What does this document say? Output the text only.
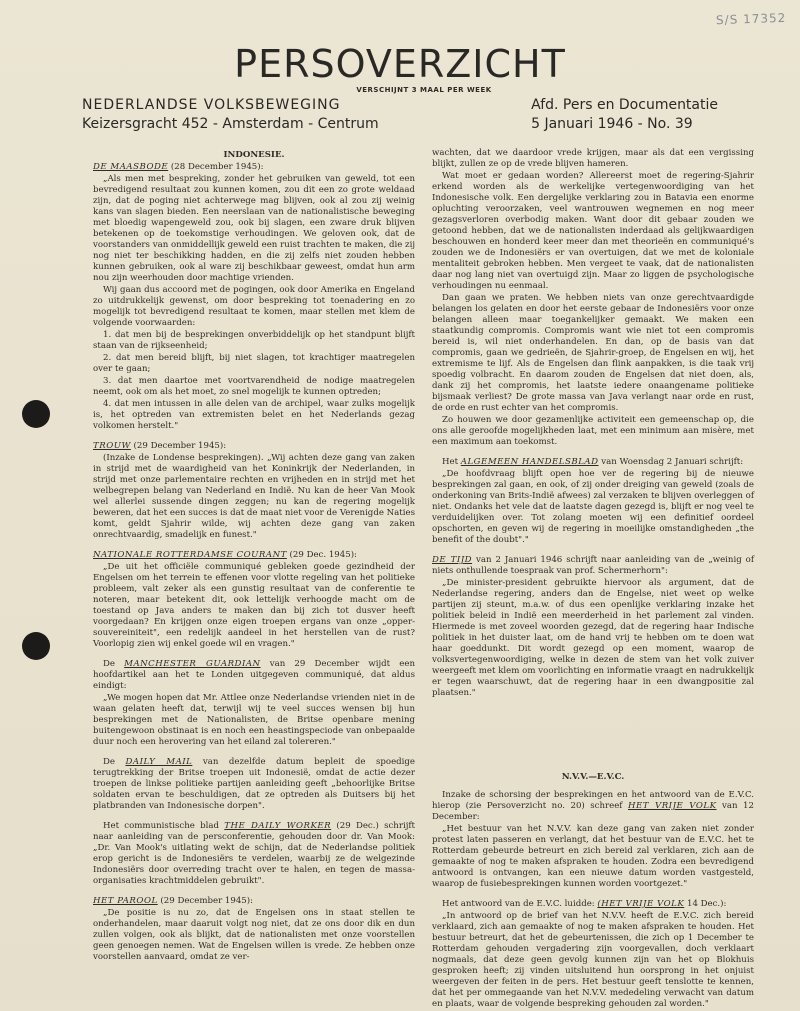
S/S 17352
PERSOVERZICHT
VERSCHIJNT 3 MAAL PER WEEK
NEDERLANDSE VOLKSBEWEGING
Keizersgracht 452 - Amsterdam - Centrum
Afd. Pers en Documentatie
5 Januari 1946 - No. 39

INDONESIE.

DE MAASBODE (28 December 1945):

„Als men met bespreking, zonder het gebruiken van geweld, tot een bevredigend resultaat zou kunnen komen, zou dit een zo grote weldaad zijn, dat de poging niet achterwege mag blijven, ook al zou zij weinig kans van slagen bieden. Een neerslaan van de nationalistische beweging met bloedig wapengeweld zou, ook bij slagen, een zware druk blijven betekenen op de toekomstige verhoudingen. We geloven ook, dat de voorstanders van onmiddellijk geweld een ruist trachten te maken, die zij nog niet ter beschikking hadden, en die zij zelfs niet zouden hebben kunnen gebruiken, ook al ware zij beschikbaar geweest, omdat hun arm nou zijn weerhouden door machtige vrienden.

Wij gaan dus accoord met de pogingen, ook door Amerika en Engeland zo uitdrukkelijk gewenst, om door bespreking tot toenadering en zo mogelijk tot bevredigend resultaat te komen, maar stellen met klem de volgende voorwaarden:

1. dat men bij de besprekingen onverbiddelijk op het standpunt blijft staan van de rijkseenheid;

2. dat men bereid blijft, bij niet slagen, tot krachtiger maatregelen over te gaan;

3. dat men daartoe met voortvarendheid de nodige maatregelen neemt, ook om als het moet, zo snel mogelijk te kunnen optreden;

4. dat men intussen in alle delen van de archipel, waar zulks mogelijk is, het optreden van extremisten belet en het Nederlands gezag volkomen herstelt."

TROUW (29 December 1945):

(Inzake de Londense besprekingen). „Wij achten deze gang van zaken in strijd met de waardigheid van het Koninkrijk der Nederlanden, in strijd met onze parlementaire rechten en vrijheden en in strijd met het welbegrepen belang van Nederland en Indië. Nu kan de heer Van Mook wel allerlei sussende dingen zeggen; nu kan de regering mogelijk beweren, dat het een succes is dat de maat niet voor de Verenigde Naties komt, geldt Sjahrir wilde, wij achten deze gang van zaken onrechtvaardig, smadelijk en funest."

NATIONALE ROTTERDAMSE COURANT (29 Dec. 1945):

„De uit het officiële communiqué gebleken goede gezindheid der Engelsen om het terrein te effenen voor vlotte regeling van het politieke probleem, valt zeker als een gunstig resultaat van de conferentie te noteren, maar betekent dit, ook lettelijk verhoogde macht om de toestand op Java anders te maken dan bij zich tot dusver heeft voorgedaan? En krijgen onze eigen troepen ergans van onze „opper-souvereiniteit", een redelijk aandeel in het herstellen van de rust? Voorlopig zien wij enkel goede wil en vragen."

De MANCHESTER GUARDIAN van 29 December wijdt een hoofdartikel aan het te Londen uitgegeven communiqué, dat aldus eindigt:

„We mogen hopen dat Mr. Attlee onze Nederlandse vrienden niet in de waan gelaten heeft dat, terwijl wij te veel succes wensen bij hun besprekingen met de Nationalisten, de Britse openbare mening buitengewoon obstinaat is en noch een heastingspeciode van onbepaalde duur noch een herovering van het eiland zal tolereren."

De DAILY MAIL van dezelfde datum bepleit de spoedige terugtrekking der Britse troepen uit Indonesië, omdat de actie dezer troepen de linkse politieke partijen aanleiding geeft „behoorlijke Britse soldaten ervan te beschuldigen, dat ze optreden als Duitsers bij het platbranden van Indonesische dorpen".

Het communistische blad THE DAILY WORKER (29 Dec.) schrijft naar aanleiding van de persconferentie, gehouden door dr. Van Mook: „Dr. Van Mook's uitlating wekt de schijn, dat de Nederlandse politiek erop gericht is de Indonesiërs te verdelen, waarbij ze de welgezinde Indonesiërs door overreding tracht over te halen, en tegen de massa-organisaties krachtmiddelen gebruikt".

HET PAROOL (29 December 1945):

„De positie is nu zo, dat de Engelsen ons in staat stellen te onderhandelen, maar daaruit volgt nog niet, dat ze ons door dik en dun zullen volgen, ook als blijkt, dat de nationalisten met onze voorstellen geen genoegen nemen. Wat de Engelsen willen is vrede. Ze hebben onze voorstellen aanvaard, omdat ze ver-

wachten, dat we daardoor vrede krijgen, maar als dat een vergissing blijkt, zullen ze op de vrede blijven hameren.

Wat moet er gedaan worden? Allereerst moet de regering-Sjahrir erkend worden als de werkelijke vertegenwoordiging van het Indonesische volk. Een dergelijke verklaring zou in Batavia een enorme opluchting veroorzaken, veel wantrouwen wegnemen en nog meer gezagsverloren overbodig maken. Want door dit gebaar zouden we getoond hebben, dat we de nationalisten inderdaad als gelijkwaardigen beschouwen en honderd keer meer dan met theorieën en communiqué's zouden we de Indonesiërs er van overtuigen, dat we met de koloniale mentaliteit gebroken hebben. Men vergeet te vaak, dat de nationalisten daar nog lang niet van overtuigd zijn. Maar zo liggen de psychologische verhoudingen nu eenmaal.

Dan gaan we praten. We hebben niets van onze gerechtvaardigde belangen los gelaten en door het eerste gebaar de Indonesiërs voor onze belangen alleen maar toegankelijker gemaakt. We maken een staatkundig compromis. Compromis want wie niet tot een compromis bereid is, wil niet onderhandelen. En dan, op de basis van dat compromis, gaan we gedrieën, de Sjahrir-groep, de Engelsen en wij, het extremisme te lijf. Als de Engelsen dan flink aanpakken, is die taak vrij spoedig volbracht. En daarom zouden de Engelsen dat niet doen, als, dank zij het compromis, het laatste iedere onaangename politieke bijsmaak verliest? De grote massa van Java verlangt naar orde en rust, de orde en rust echter van het compromis.

Zo houwen we door gezamenlijke activiteit een gemeenschap op, die ons alle geroofde mogelijkheden laat, met een minimum aan misère, met een maximum aan toekomst.

Het ALGEMEEN HANDELSBLAD van Woensdag 2 Januari schrijft:

„De hoofdvraag blijft open hoe ver de regering bij de nieuwe besprekingen zal gaan, en ook, of zij onder dreiging van geweld (zoals de onderkoning van Brits-Indië afwees) zal verzaken te blijven overleggen of niet. Ondanks het vele dat de laatste dagen gezegd is, blijft er nog veel te verduidelijken over. Tot zolang moeten wij een definitief oordeel opschorten, en geven wij de regering in moeilijke omstandigheden „the benefit of the doubt"."

DE TIJD van 2 Januari 1946 schrijft naar aanleiding van de „weinig of niets onthullende toespraak van prof. Schermerhorn":

„De minister-president gebruikte hiervoor als argument, dat de Nederlandse regering, anders dan de Engelse, niet weet op welke partijen zij steunt, m.a.w. of dus een openlijke verklaring inzake het politiek beleid in Indië een meerderheid in het parlement zal vinden. Hiermede is met zoveel woorden gezegd, dat de regering haar Indische politiek in het duister laat, om de hand vrij te hebben om te doen wat haar goeddunkt. Dit wordt gezegd op een moment, waarop de volksvertegenwoordiging, welke in dezen de stem van het volk zuiver weergeeft met klem om voorlichting en informatie vraagt en nadrukkelijk er tegen waarschuwt, dat de regering haar in een dwangpositie zal plaatsen."

N.V.V.—E.V.C.

Inzake de schorsing der besprekingen en het antwoord van de E.V.C. hierop (zie Persoverzicht no. 20) schreef HET VRIJE VOLK van 12 December:

„Het bestuur van het N.V.V. kan deze gang van zaken niet zonder protest laten passeren en verlangt, dat het bestuur van de E.V.C. het te Rotterdam gebeurde betreurt en zich bereid zal verklaren, zich aan de gemaakte of nog te maken afspraken te houden. Zodra een bevredigend antwoord is ontvangen, kan een nieuwe datum worden vastgesteld, waarop de fusiebesprekingen kunnen worden voortgezet."

Het antwoord van de E.V.C. luidde: (HET VRIJE VOLK 14 Dec.):

„In antwoord op de brief van het N.V.V. heeft de E.V.C. zich bereid verklaard, zich aan gemaakte of nog te maken afspraken te houden. Het bestuur betreurt, dat het de gebeurtenissen, die zich op 1 December te Rotterdam gehouden vergadering zijn voorgevallen, doch verklaart nogmaals, dat deze geen gevolg kunnen zijn van het op Blokhuis gesproken heeft; zij vinden uitsluitend hun oorsprong in het onjuist weergeven der feiten in de pers. Het bestuur geeft tenslotte te kennen, dat het per ommegaande van het N.V.V. mededeling verwacht van datum en plaats, waar de volgende bespreking gehouden zal worden."
